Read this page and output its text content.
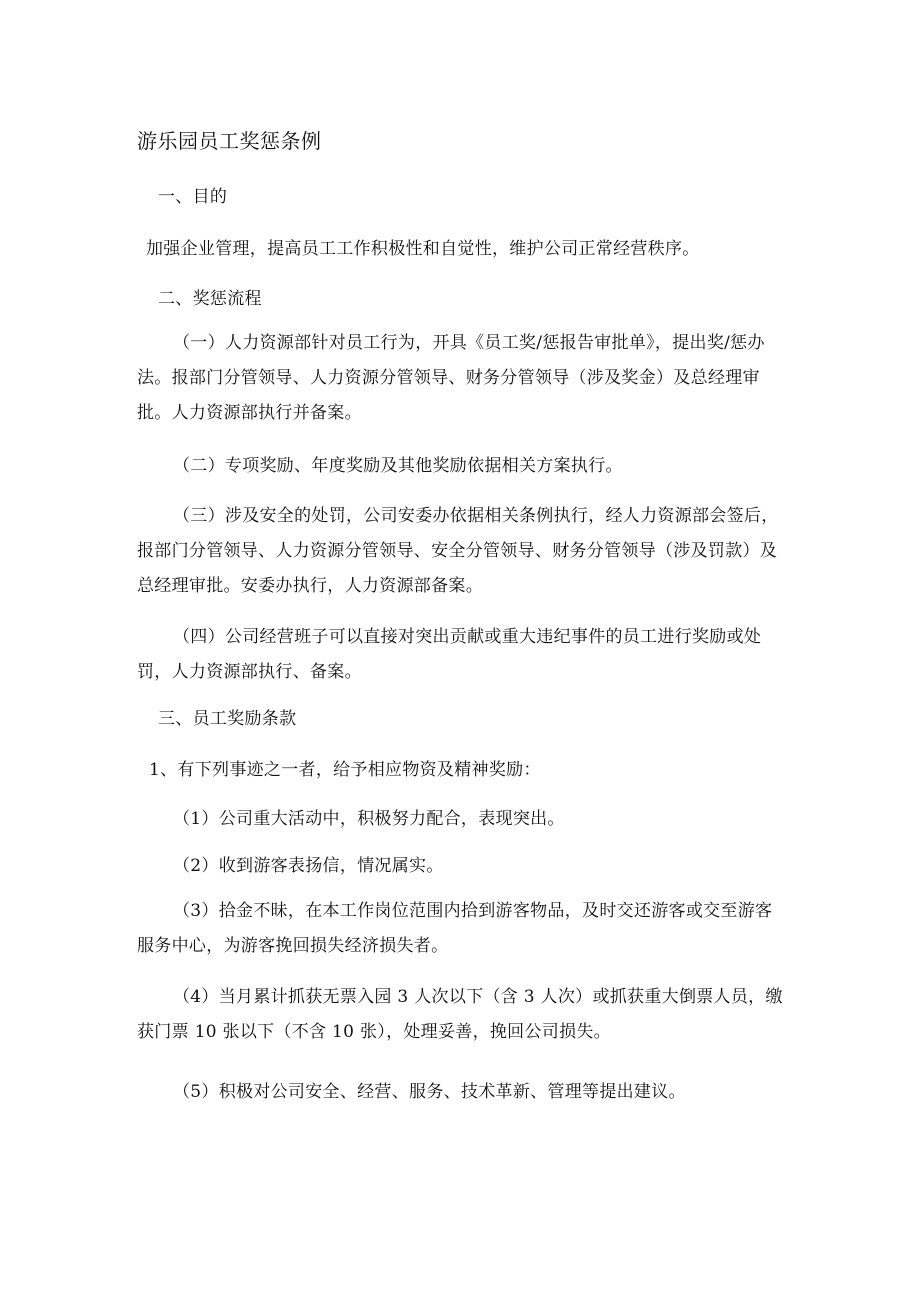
游乐园员工奖惩条例
一、目的
加强企业管理，提高员工工作积极性和自觉性，维护公司正常经营秩序。
二、奖惩流程

（一）人力资源部针对员工行为，开具《员工奖/惩报告审批单》，提出奖/惩办法。报部门分管领导、人力资源分管领导、财务分管领导（涉及奖金）及总经理审批。人力资源部执行并备案。

（二）专项奖励、年度奖励及其他奖励依据相关方案执行。

（三）涉及安全的处罚，公司安委办依据相关条例执行，经人力资源部会签后，报部门分管领导、人力资源分管领导、安全分管领导、财务分管领导（涉及罚款）及总经理审批。安委办执行，人力资源部备案。

（四）公司经营班子可以直接对突出贡献或重大违纪事件的员工进行奖励或处罚，人力资源部执行、备案。

三、员工奖励条款
1、有下列事迹之一者，给予相应物资及精神奖励：
（1）公司重大活动中，积极努力配合，表现突出。
（2）收到游客表扬信，情况属实。

（3）拾金不昧，在本工作岗位范围内拾到游客物品，及时交还游客或交至游客服务中心，为游客挽回损失经济损失者。

（4）当月累计抓获无票入园 3 人次以下（含 3 人次）或抓获重大倒票人员，缴获门票 10 张以下（不含 10 张），处理妥善，挽回公司损失。

（5）积极对公司安全、经营、服务、技术革新、管理等提出建议。
